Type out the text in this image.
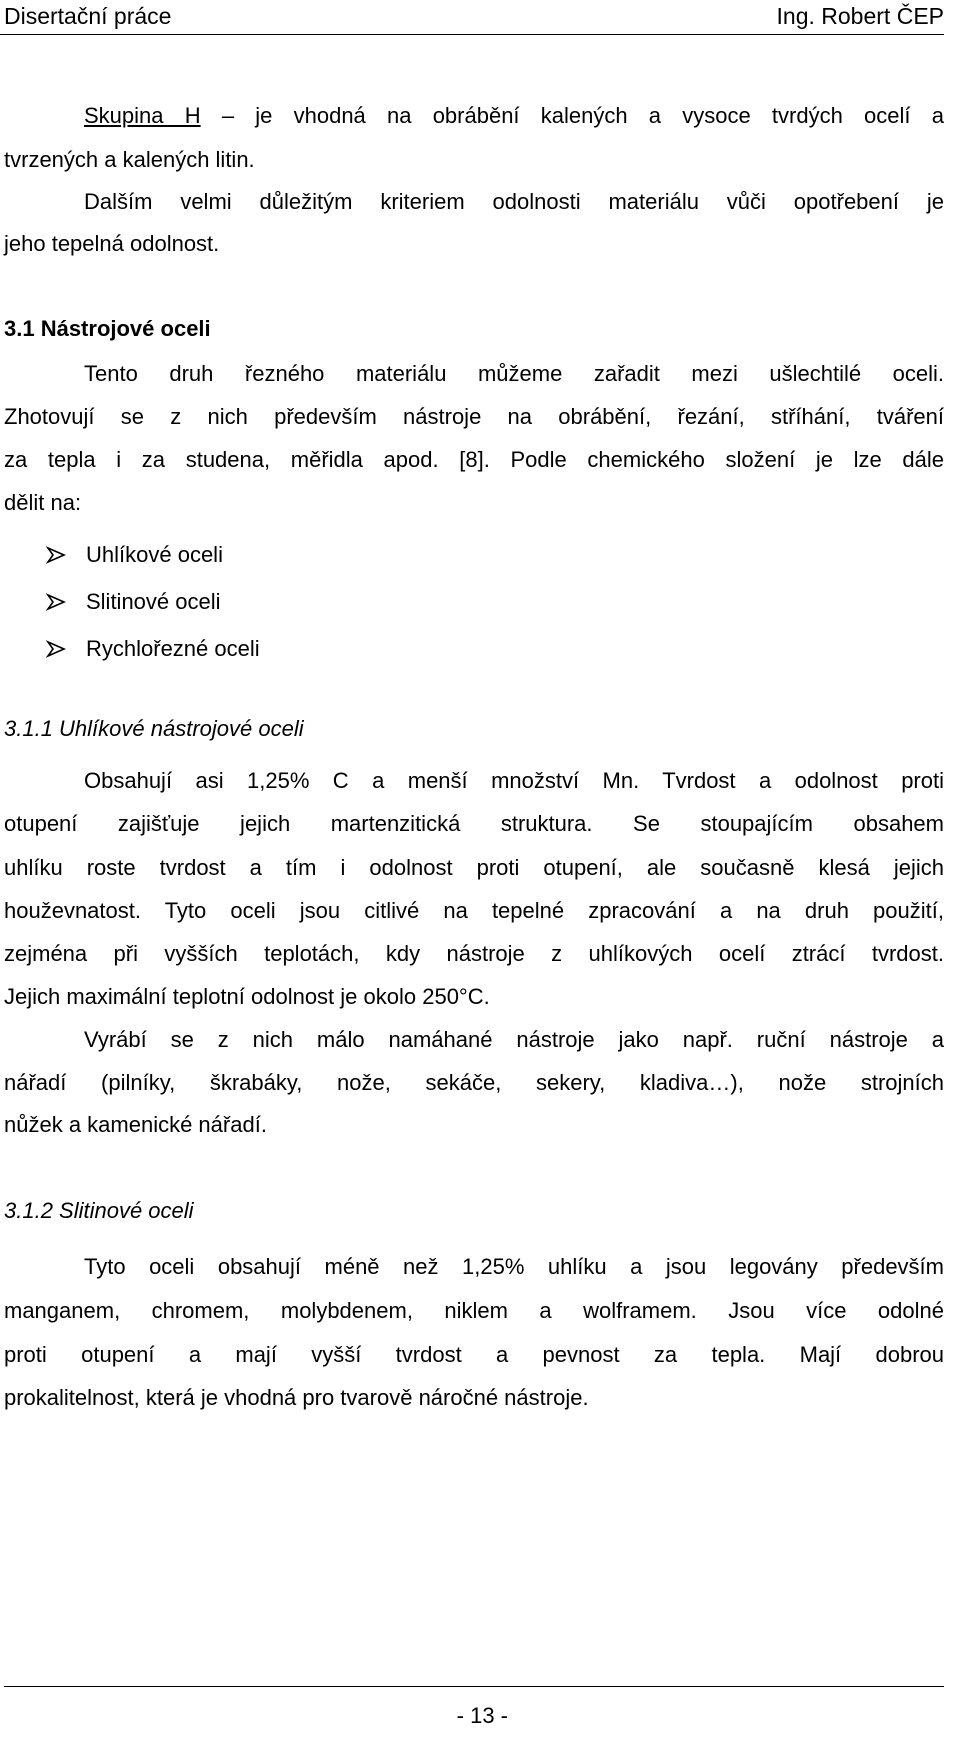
Disertační práce	Ing. Robert ČEP
Skupina H – je vhodná na obrábění kalených a vysoce tvrdých ocelí a
tvrzených a kalených litin.
Dalším velmi důležitým kriteriem odolnosti materiálu vůči opotřebení je
jeho tepelná odolnost.
3.1 Nástrojové oceli
Tento druh řezného materiálu můžeme zařadit mezi ušlechtilé oceli.
Zhotovují se z nich především nástroje na obrábění, řezání, stříhání, tváření
za tepla i za studena, měřidla apod. [8]. Podle chemického složení je lze dále
dělit na:
Uhlíkové oceli
Slitinové oceli
Rychlořezné oceli
3.1.1 Uhlíkové nástrojové oceli
Obsahují asi 1,25% C a menší množství Mn. Tvrdost a odolnost proti
otupení zajišťuje jejich martenzitická struktura. Se stoupajícím obsahem
uhlíku roste tvrdost a tím i odolnost proti otupení, ale současně klesá jejich
houževnatost. Tyto oceli jsou citlivé na tepelné zpracování a na druh použití,
zejména při vyšších teplotách, kdy nástroje z uhlíkových ocelí ztrácí tvrdost.
Jejich maximální teplotní odolnost je okolo 250°C.
Vyrábí se z nich málo namáhané nástroje jako např. ruční nástroje a
nářadí (pilníky, škrabáky, nože, sekáče, sekery, kladiva…), nože strojních
nůžek a kamenické nářadí.
3.1.2 Slitinové oceli
Tyto oceli obsahují méně než 1,25% uhlíku a jsou legovány především
manganem, chromem, molybdenem, niklem a wolframem. Jsou více odolné
proti otupení a mají vyšší tvrdost a pevnost za tepla. Mají dobrou
prokalitelnost, která je vhodná pro tvarově náročné nástroje.
- 13 -
